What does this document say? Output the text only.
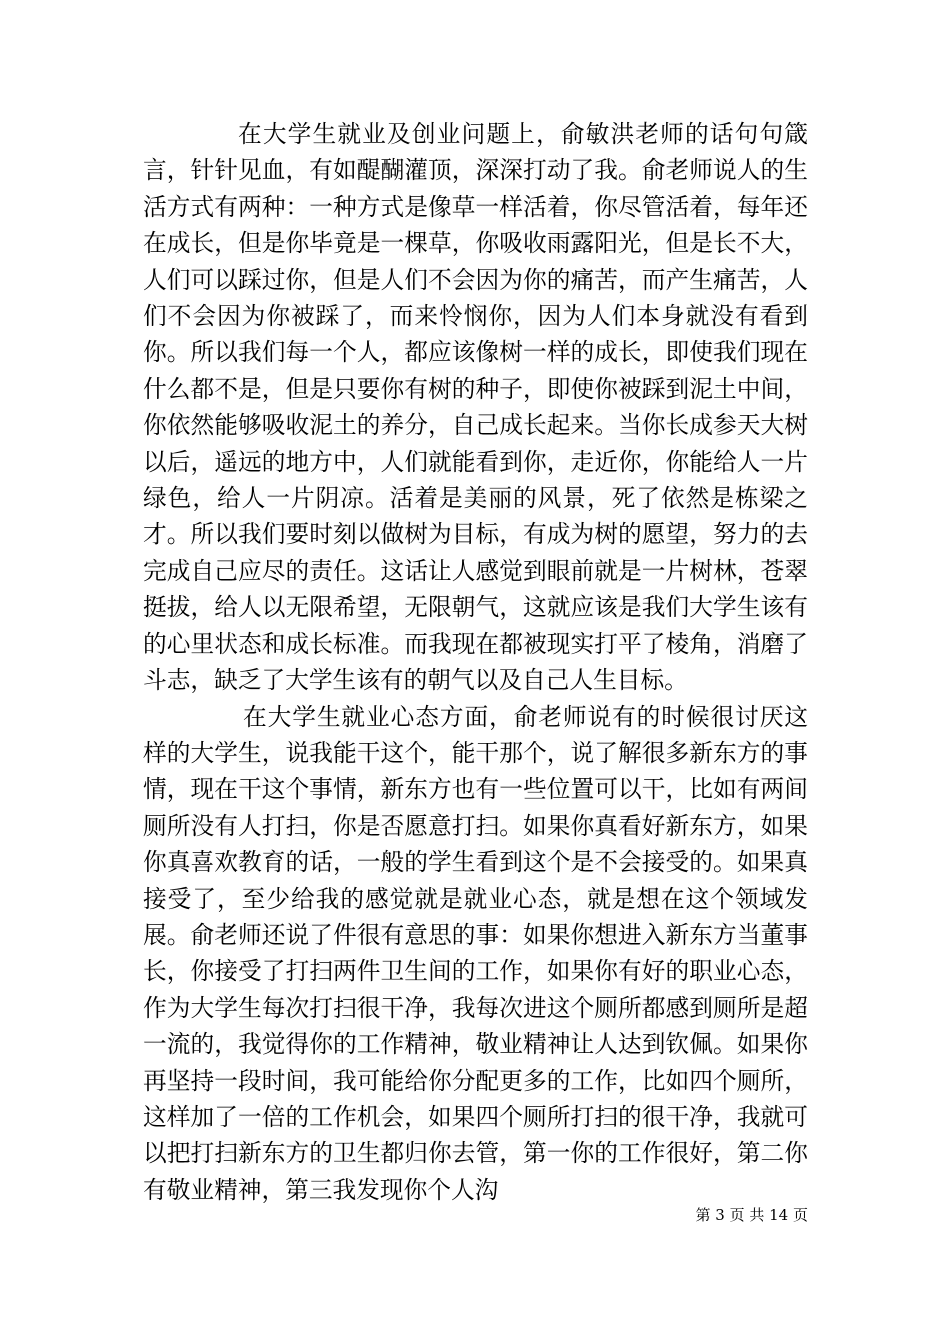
在大学生就业及创业问题上，俞敏洪老师的话句句箴言，针针见血，有如醍醐灌顶，深深打动了我。俞老师说人的生活方式有两种：一种方式是像草一样活着，你尽管活着，每年还在成长，但是你毕竟是一棵草，你吸收雨露阳光，但是长不大，人们可以踩过你，但是人们不会因为你的痛苦，而产生痛苦，人们不会因为你被踩了，而来怜悯你，因为人们本身就没有看到你。所以我们每一个人，都应该像树一样的成长，即使我们现在什么都不是，但是只要你有树的种子，即使你被踩到泥土中间，你依然能够吸收泥土的养分，自己成长起来。当你长成参天大树以后，遥远的地方中，人们就能看到你，走近你，你能给人一片绿色，给人一片阴凉。活着是美丽的风景，死了依然是栋梁之才。所以我们要时刻以做树为目标，有成为树的愿望，努力的去完成自己应尽的责任。这话让人感觉到眼前就是一片树林，苍翠挺拔，给人以无限希望，无限朝气，这就应该是我们大学生该有的心里状态和成长标准。而我现在都被现实打平了棱角，消磨了斗志，缺乏了大学生该有的朝气以及自己人生目标。

在大学生就业心态方面，俞老师说有的时候很讨厌这样的大学生，说我能干这个，能干那个，说了解很多新东方的事情，现在干这个事情，新东方也有一些位置可以干，比如有两间厕所没有人打扫，你是否愿意打扫。如果你真看好新东方，如果你真喜欢教育的话，一般的学生看到这个是不会接受的。如果真接受了，至少给我的感觉就是就业心态，就是想在这个领域发展。俞老师还说了件很有意思的事：如果你想进入新东方当董事长，你接受了打扫两件卫生间的工作，如果你有好的职业心态，作为大学生每次打扫很干净，我每次进这个厕所都感到厕所是超一流的，我觉得你的工作精神，敬业精神让人达到钦佩。如果你再坚持一段时间，我可能给你分配更多的工作，比如四个厕所，这样加了一倍的工作机会，如果四个厕所打扫的很干净，我就可以把打扫新东方的卫生都归你去管，第一你的工作很好，第二你有敬业精神，第三我发现你个人沟

第 3 页 共 14 页
